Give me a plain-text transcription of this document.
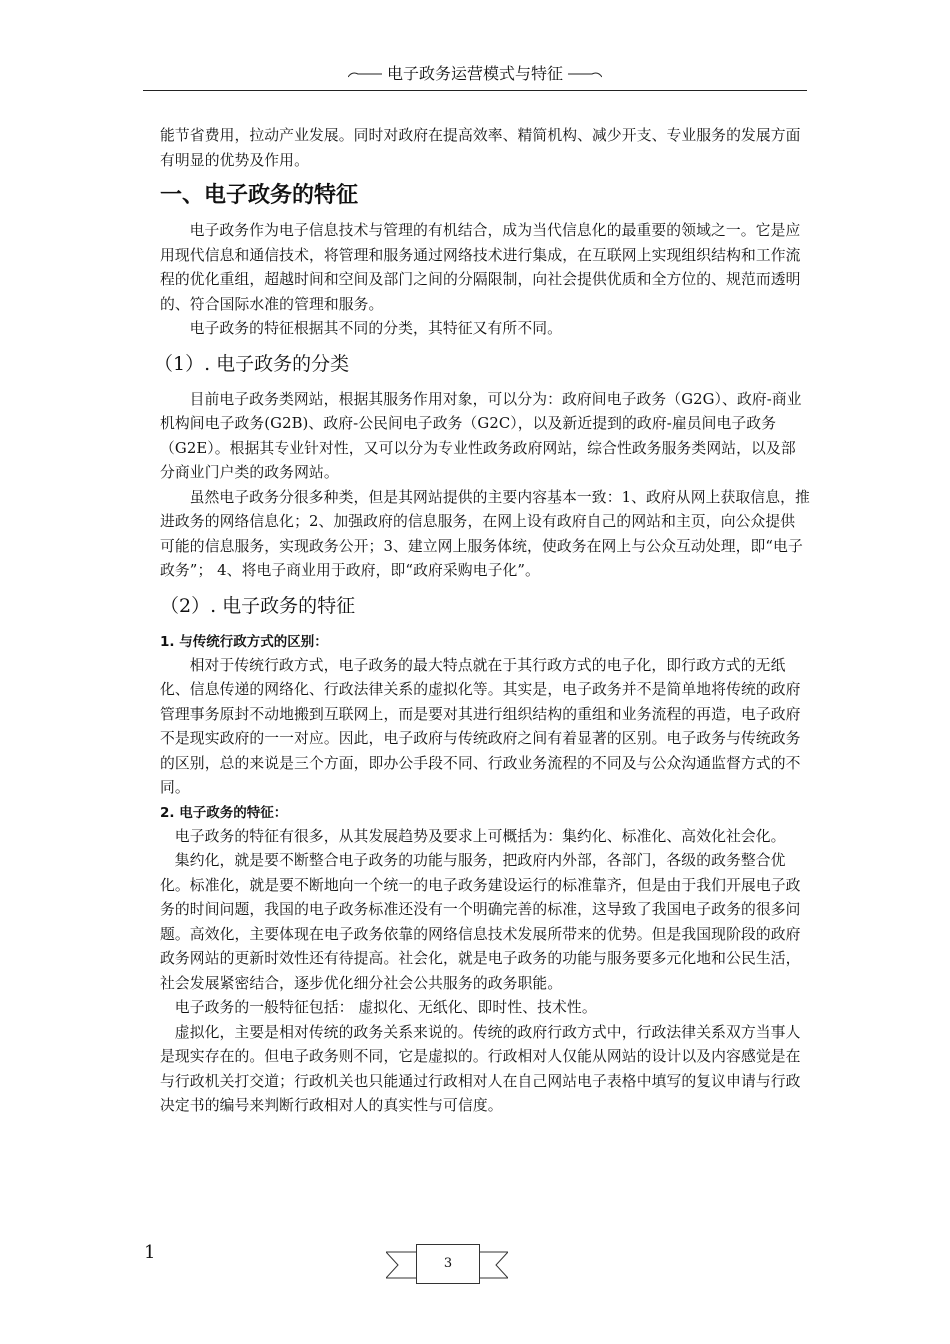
电子政务运营模式与特征

能节省费用，拉动产业发展。同时对政府在提高效率、精简机构、减少开支、专业服务的发展方面有明显的优势及作用。

一、电子政务的特征

电子政务作为电子信息技术与管理的有机结合，成为当代信息化的最重要的领域之一。它是应用现代信息和通信技术，将管理和服务通过网络技术进行集成，在互联网上实现组织结构和工作流程的优化重组，超越时间和空间及部门之间的分隔限制，向社会提供优质和全方位的、规范而透明的、符合国际水准的管理和服务。

电子政务的特征根据其不同的分类，其特征又有所不同。

（1）. 电子政务的分类

目前电子政务类网站，根据其服务作用对象，可以分为：政府间电子政务（G2G）、政府-商业机构间电子政务(G2B)、政府-公民间电子政务（G2C），以及新近提到的政府-雇员间电子政务（G2E）。根据其专业针对性，又可以分为专业性政务政府网站，综合性政务服务类网站，以及部分商业门户类的政务网站。

虽然电子政务分很多种类，但是其网站提供的主要内容基本一致：1、政府从网上获取信息，推进政务的网络信息化；2、加强政府的信息服务，在网上设有政府自己的网站和主页，向公众提供可能的信息服务，实现政务公开；3、建立网上服务体统，使政务在网上与公众互动处理，即“电子政务”； 4、将电子商业用于政府，即“政府采购电子化”。

（2）. 电子政务的特征
1. 与传统行政方式的区别：

相对于传统行政方式，电子政务的最大特点就在于其行政方式的电子化，即行政方式的无纸化、信息传递的网络化、行政法律关系的虚拟化等。其实是，电子政务并不是简单地将传统的政府管理事务原封不动地搬到互联网上，而是要对其进行组织结构的重组和业务流程的再造，电子政府不是现实政府的一一对应。因此，电子政府与传统政府之间有着显著的区别。电子政务与传统政务的区别，总的来说是三个方面，即办公手段不同、行政业务流程的不同及与公众沟通监督方式的不同。

2. 电子政务的特征：

电子政务的特征有很多，从其发展趋势及要求上可概括为：集约化、标准化、高效化社会化。

集约化，就是要不断整合电子政务的功能与服务，把政府内外部，各部门，各级的政务整合优化。标准化，就是要不断地向一个统一的电子政务建设运行的标准靠齐，但是由于我们开展电子政务的时间问题，我国的电子政务标准还没有一个明确完善的标准，这导致了我国电子政务的很多问题。高效化，主要体现在电子政务依靠的网络信息技术发展所带来的优势。但是我国现阶段的政府政务网站的更新时效性还有待提高。社会化，就是电子政务的功能与服务要多元化地和公民生活，社会发展紧密结合，逐步优化细分社会公共服务的政务职能。

电子政务的一般特征包括： 虚拟化、无纸化、即时性、技术性。

虚拟化，主要是相对传统的政务关系来说的。传统的政府行政方式中，行政法律关系双方当事人是现实存在的。但电子政务则不同，它是虚拟的。行政相对人仅能从网站的设计以及内容感觉是在与行政机关打交道；行政机关也只能通过行政相对人在自己网站电子表格中填写的复议申请与行政决定书的编号来判断行政相对人的真实性与可信度。

1
3
